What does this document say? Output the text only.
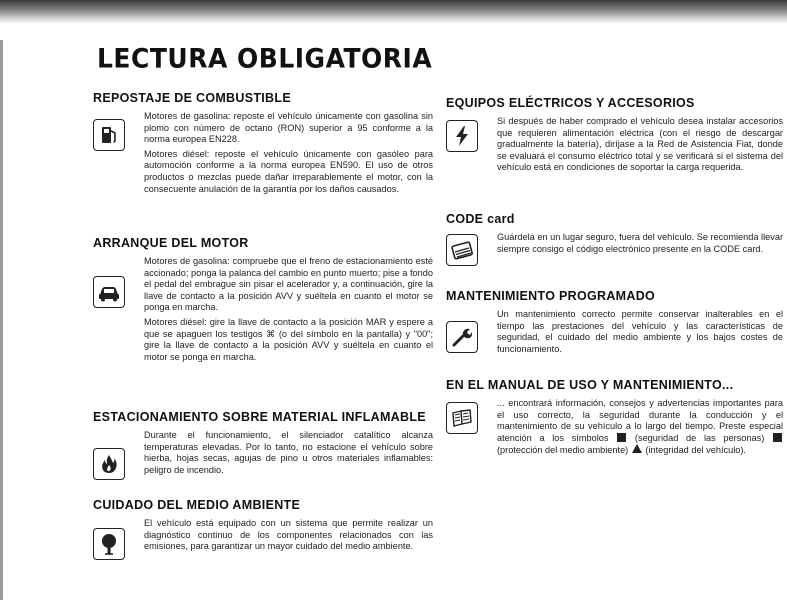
LECTURA OBLIGATORIA
REPOSTAJE DE COMBUSTIBLE

Motores de gasolina: reposte el vehículo únicamente con gasolina sin plomo con número de octano (RON) superior a 95 conforme a la norma europea EN228.

Motores diésel: reposte el vehículo únicamente con gasóleo para automoción conforme a la norma europea EN590. El uso de otros productos o mezclas puede dañar irreparablemente el motor, con la consecuente anulación de la garantía por los daños causados.

ARRANQUE DEL MOTOR

Motores de gasolina: compruebe que el freno de estacionamiento esté accionado; ponga la palanca del cambio en punto muerto; pise a fondo el pedal del embrague sin pisar el acelerador y, a continuación, gire la llave de contacto a la posición AVV y suéltela en cuanto el motor se ponga en marcha.

Motores diésel: gire la llave de contacto a la posición MAR y espere a que se apaguen los testigos ⌘ (o del símbolo en la pantalla) y "00"; gire la llave de contacto a la posición AVV y suéltela en cuanto el motor se ponga en marcha.

ESTACIONAMIENTO SOBRE MATERIAL INFLAMABLE

Durante el funcionamiento, el silenciador catalítico alcanza temperaturas elevadas. Por lo tanto, no estacione el vehículo sobre hierba, hojas secas, agujas de pino u otros materiales inflamables: peligro de incendio.

CUIDADO DEL MEDIO AMBIENTE

El vehículo está equipado con un sistema que permite realizar un diagnóstico continuo de los componentes relacionados con las emisiones, para garantizar un mayor cuidado del medio ambiente.

EQUIPOS ELÉCTRICOS Y ACCESORIOS

Si después de haber comprado el vehículo desea instalar accesorios que requieren alimentación eléctrica (con el riesgo de descargar gradualmente la batería), diríjase a la Red de Asistencia Fiat, donde se evaluará el consumo eléctrico total y se verificará si el sistema del vehículo está en condiciones de soportar la carga requerida.

CODE card

Guárdela en un lugar seguro, fuera del vehículo. Se recomienda llevar siempre consigo el código electrónico presente en la CODE card.

MANTENIMIENTO PROGRAMADO

Un mantenimiento correcto permite conservar inalterables en el tiempo las prestaciones del vehículo y las características de seguridad, el cuidado del medio ambiente y los bajos costes de funcionamiento.

EN EL MANUAL DE USO Y MANTENIMIENTO...

... encontrará información, consejos y advertencias importantes para el uso correcto, la seguridad durante la conducción y el mantenimiento de su vehículo a lo largo del tiempo. Preste especial atención a los símbolos	(seguridad de las personas)  (protección del medio ambiente) (integridad del vehículo).
